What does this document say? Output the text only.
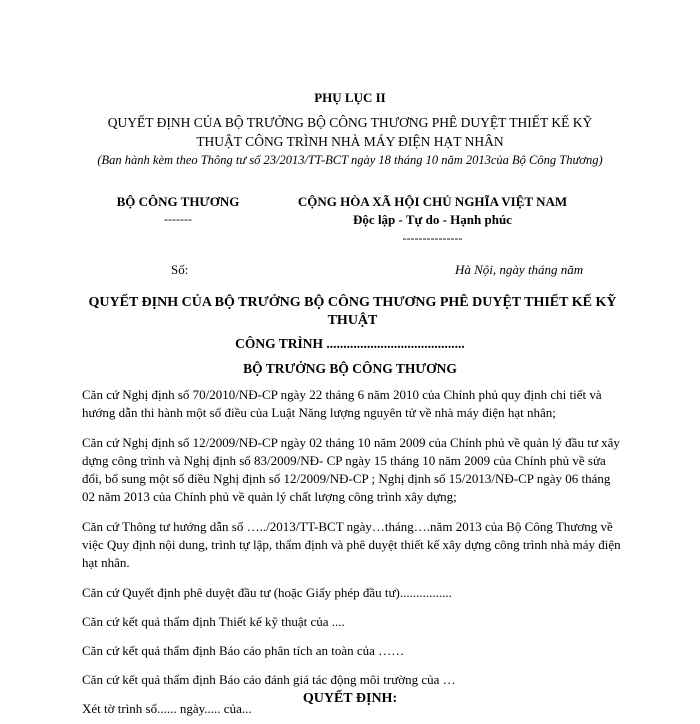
PHỤ LỤC II
QUYẾT ĐỊNH CỦA BỘ TRƯỞNG BỘ CÔNG THƯƠNG PHÊ DUYỆT THIẾT KẾ KỸ THUẬT CÔNG TRÌNH NHÀ MÁY ĐIỆN HẠT NHÂN
(Ban hành kèm theo Thông tư số 23/2013/TT-BCT ngày 18 tháng 10 năm 2013của Bộ Công Thương)
BỘ CÔNG THƯƠNG
-------
CỘNG HÒA XÃ HỘI CHỦ NGHĨA VIỆT NAM
Độc lập - Tự do - Hạnh phúc
---------------
Số:	Hà Nội, ngày tháng năm
QUYẾT ĐỊNH CỦA BỘ TRƯỞNG BỘ CÔNG THƯƠNG PHÊ DUYỆT THIẾT KẾ KỸ THUẬT
CÔNG TRÌNH .........................................
BỘ TRƯỞNG BỘ CÔNG THƯƠNG

Căn cứ Nghị định số 70/2010/NĐ-CP ngày 22 tháng 6 năm 2010 của Chính phủ quy định chi tiết và hướng dẫn thi hành một số điều của Luật Năng lượng nguyên tử về nhà máy điện hạt nhân;

Căn cứ Nghị định số 12/2009/NĐ-CP ngày 02 tháng 10 năm 2009 của Chính phủ về quản lý đầu tư xây dựng công trình và Nghị định số 83/2009/NĐ- CP ngày 15 tháng 10 năm 2009 của Chính phủ về sửa đổi, bổ sung một số điều Nghị định số 12/2009/NĐ-CP ; Nghị định số 15/2013/NĐ-CP ngày 06 tháng 02 năm 2013 của Chính phủ về quản lý chất lượng công trình xây dựng;

Căn cứ Thông tư hướng dẫn số …../2013/TT-BCT ngày…tháng….năm 2013 của Bộ Công Thương về việc Quy định nội dung, trình tự lập, thẩm định và phê duyệt thiết kế xây dựng công trình nhà máy điện hạt nhân.

Căn cứ Quyết định phê duyệt đầu tư (hoặc Giấy phép đầu tư)................

Căn cứ kết quả thẩm định Thiết kế kỹ thuật của ....

Căn cứ kết quả thẩm định Báo cáo phân tích an toàn của ……

Căn cứ kết quả thẩm định Báo cáo đánh giá tác động môi trường của …

Xét tờ trình số...... ngày..... của...

QUYẾT ĐỊNH:
